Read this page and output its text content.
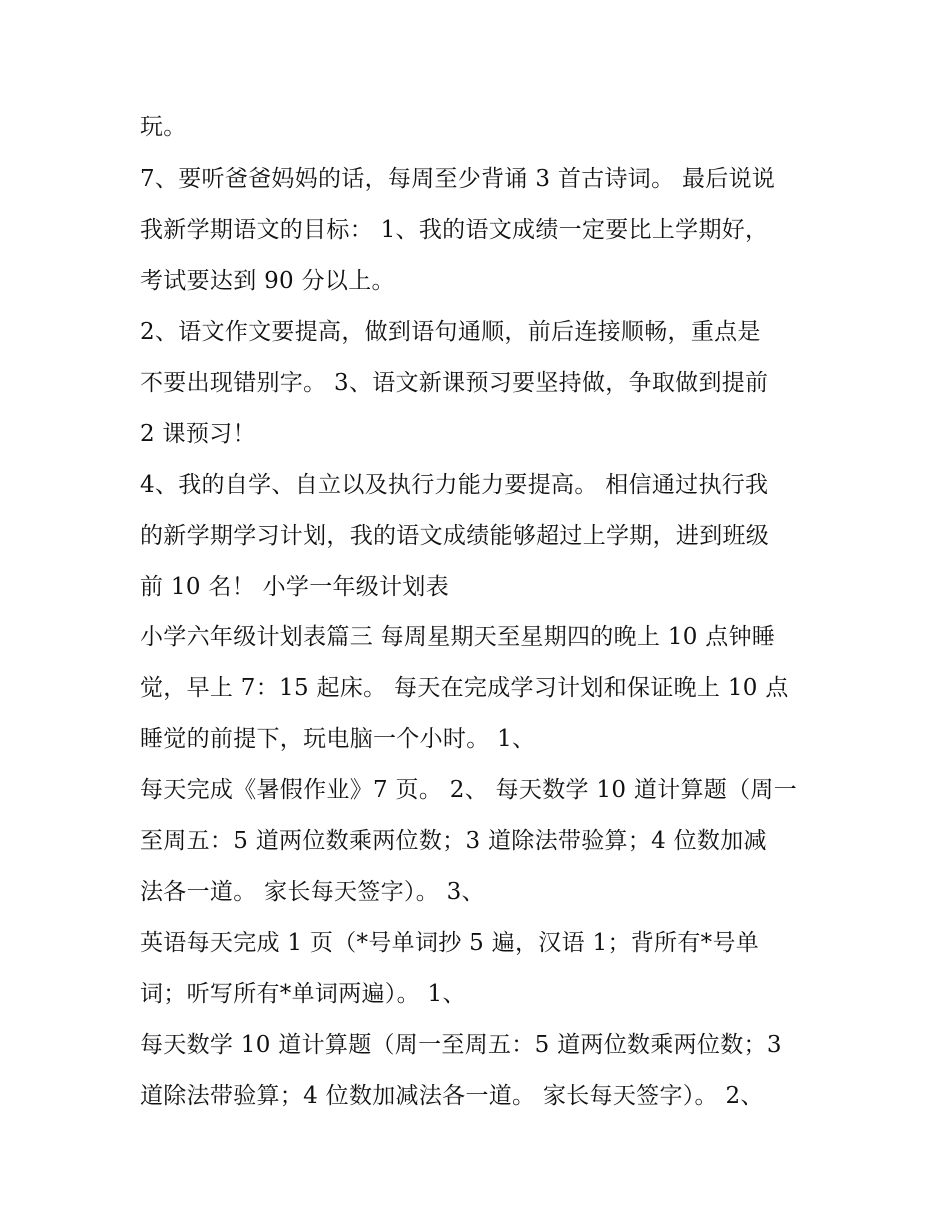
玩。
7、要听爸爸妈妈的话，每周至少背诵 3 首古诗词。 最后说说
我新学期语文的目标： 1、我的语文成绩一定要比上学期好，
考试要达到 90 分以上。
2、语文作文要提高，做到语句通顺，前后连接顺畅，重点是
不要出现错别字。 3、语文新课预习要坚持做，争取做到提前
2 课预习！
4、我的自学、自立以及执行力能力要提高。 相信通过执行我
的新学期学习计划，我的语文成绩能够超过上学期，进到班级
前 10 名！ 小学一年级计划表
小学六年级计划表篇三 每周星期天至星期四的晚上 10 点钟睡
觉，早上 7：15 起床。 每天在完成学习计划和保证晚上 10 点
睡觉的前提下，玩电脑一个小时。 1、
每天完成《暑假作业》7 页。 2、 每天数学 10 道计算题（周一
至周五：5 道两位数乘两位数；3 道除法带验算；4 位数加减
法各一道。 家长每天签字）。 3、
英语每天完成 1 页（*号单词抄 5 遍，汉语 1；背所有*号单
词；听写所有*单词两遍）。 1、
每天数学 10 道计算题（周一至周五：5 道两位数乘两位数；3
道除法带验算；4 位数加减法各一道。 家长每天签字）。 2、
